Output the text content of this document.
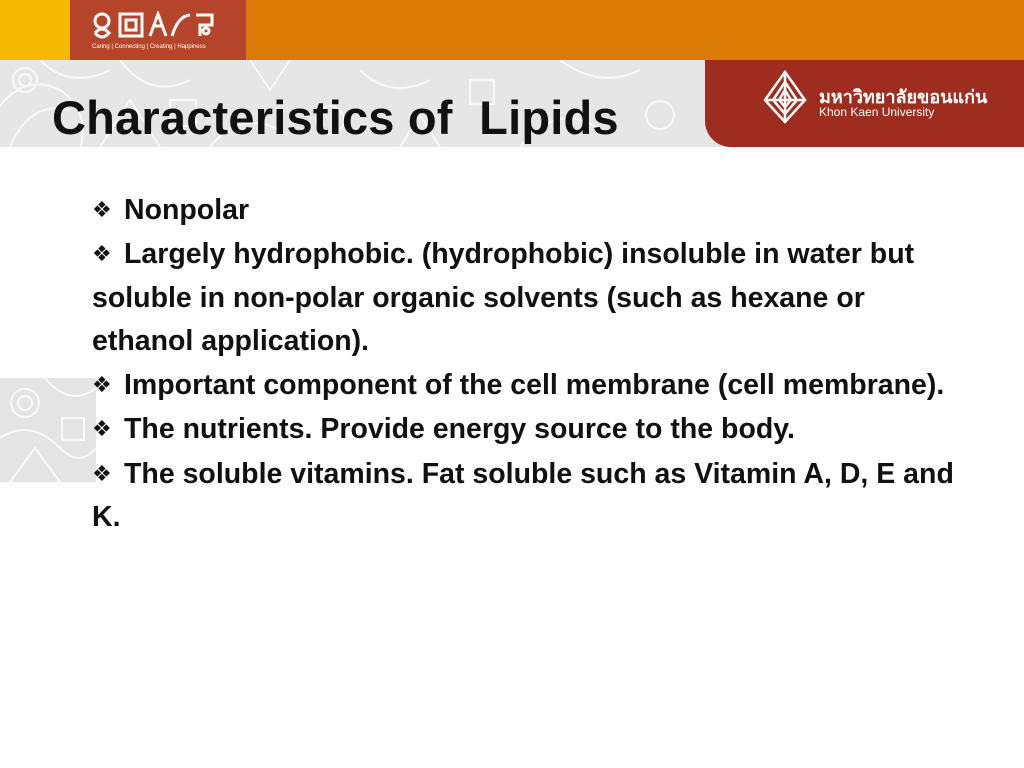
Caring | Connecting | Creating | Happiness
Characteristics of  Lipids	มหาวิทยาลัยขอนแก่น
Khon Kaen University
❖ Nonpolar
❖ Largely hydrophobic. (hydrophobic) insoluble in water but soluble in non-polar organic solvents (such as hexane or ethanol application).
❖ Important component of the cell membrane (cell membrane).
❖ The nutrients. Provide energy source to the body.
❖ The soluble vitamins. Fat soluble such as Vitamin A, D, E and K.
